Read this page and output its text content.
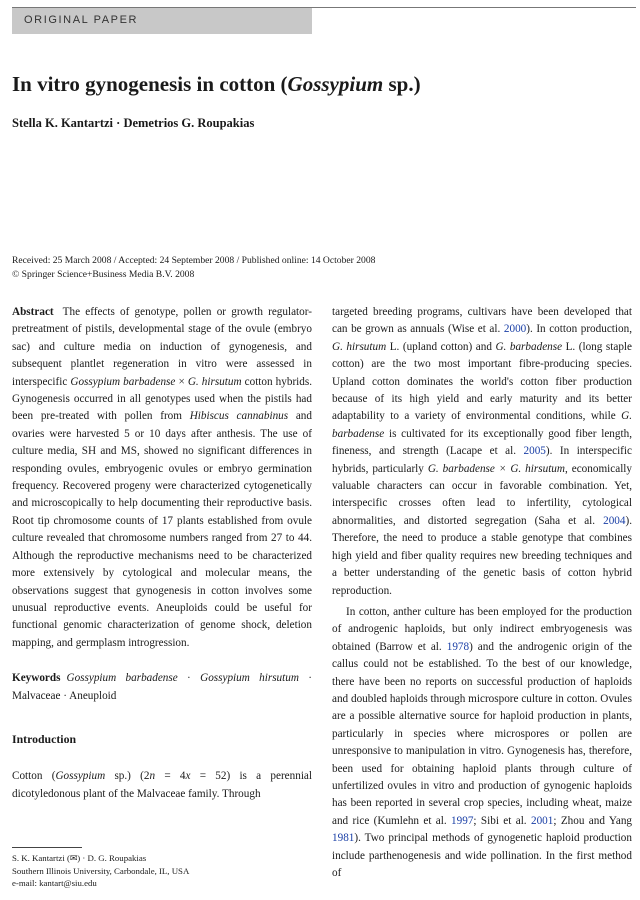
ORIGINAL PAPER
In vitro gynogenesis in cotton (Gossypium sp.)
Stella K. Kantartzi · Demetrios G. Roupakias
Received: 25 March 2008 / Accepted: 24 September 2008 / Published online: 14 October 2008
© Springer Science+Business Media B.V. 2008

Abstract The effects of genotype, pollen or growth regulator-pretreatment of pistils, developmental stage of the ovule (embryo sac) and culture media on induction of gynogenesis, and subsequent plantlet regeneration in vitro were assessed in interspecific Gossypium barbadense × G. hirsutum cotton hybrids. Gynogenesis occurred in all genotypes used when the pistils had been pre-treated with pollen from Hibiscus cannabinus and ovaries were harvested 5 or 10 days after anthesis. The use of culture media, SH and MS, showed no significant differences in responding ovules, embryogenic ovules or embryo germination frequency. Recovered progeny were characterized cytogenetically and microscopically to help documenting their reproductive basis. Root tip chromosome counts of 17 plants established from ovule culture revealed that chromosome numbers ranged from 27 to 44. Although the reproductive mechanisms need to be characterized more extensively by cytological and molecular means, the observations suggest that gynogenesis in cotton involves some unusual reproductive events. Aneuploids could be useful for functional genomic characterization of genome shock, deletion mapping, and germplasm introgression.

Keywords Gossypium barbadense · Gossypium hirsutum · Malvaceae · Aneuploid

Introduction

Cotton (Gossypium sp.) (2n = 4x = 52) is a perennial dicotyledonous plant of the Malvaceae family. Through

targeted breeding programs, cultivars have been developed that can be grown as annuals (Wise et al. 2000). In cotton production, G. hirsutum L. (upland cotton) and G. barbadense L. (long staple cotton) are the two most important fibre-producing species. Upland cotton dominates the world's cotton fiber production because of its high yield and early maturity and its better adaptability to a variety of environmental conditions, while G. barbadense is cultivated for its exceptionally good fiber length, fineness, and strength (Lacape et al. 2005). In interspecific hybrids, particularly G. barbadense × G. hirsutum, economically valuable characters can occur in favorable combination. Yet, interspecific crosses often lead to infertility, cytological abnormalities, and distorted segregation (Saha et al. 2004). Therefore, the need to produce a stable genotype that combines high yield and fiber quality requires new breeding techniques and a better understanding of the genetic basis of cotton hybrid reproduction.

In cotton, anther culture has been employed for the production of androgenic haploids, but only indirect embryogenesis was obtained (Barrow et al. 1978) and the androgenic origin of the callus could not be established. To the best of our knowledge, there have been no reports on successful production of haploids and doubled haploids through microspore culture in cotton. Ovules are a possible alternative source for haploid production in plants, particularly in species where microspores or pollen are unresponsive to manipulation in vitro. Gynogenesis has, therefore, been used for obtaining haploid plants through culture of unfertilized ovules in vitro and production of gynogenic haploids has been reported in several crop species, including wheat, maize and rice (Kumlehn et al. 1997; Sibi et al. 2001; Zhou and Yang 1981). Two principal methods of gynogenetic haploid production include parthenogenesis and wide pollination. In the first method of

S. K. Kantartzi (✉) · D. G. Roupakias
Southern Illinois University, Carbondale, IL, USA
e-mail: kantart@siu.edu
